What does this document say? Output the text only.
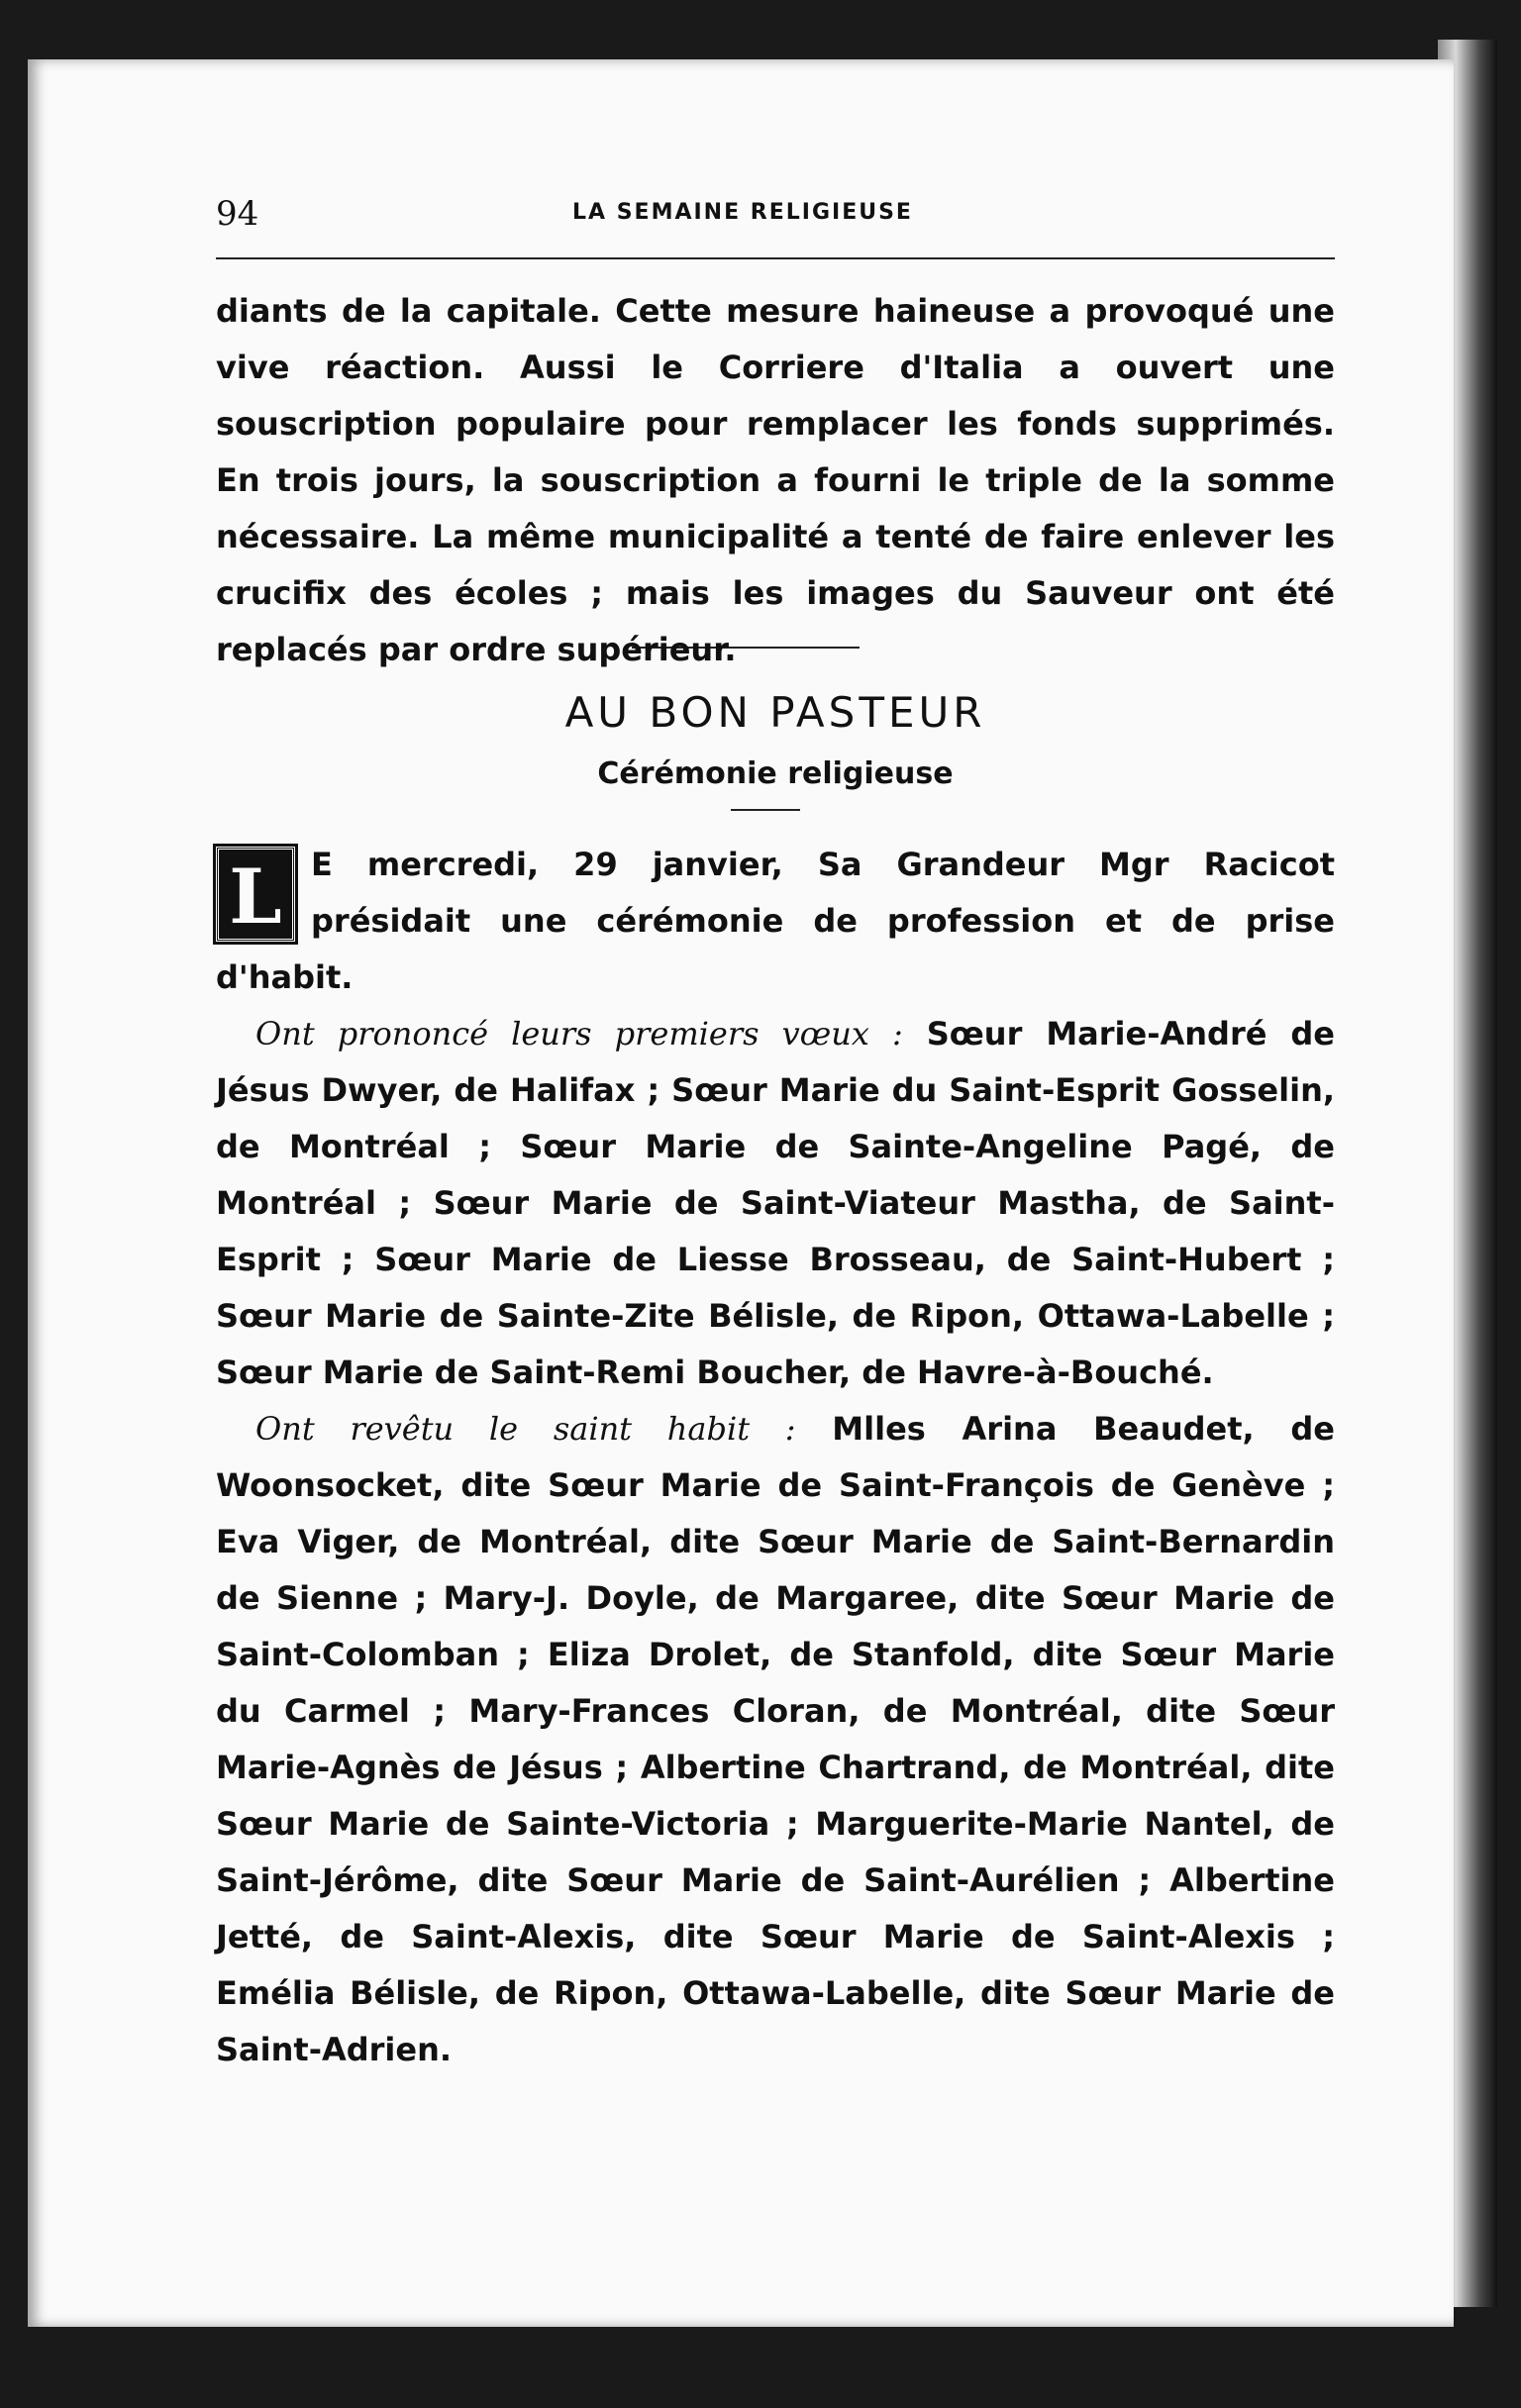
94	LA SEMAINE RELIGIEUSE

diants de la capitale. Cette mesure haineuse a provoqué une vive réaction. Aussi le Corriere d'Italia a ouvert une souscription populaire pour remplacer les fonds supprimés. En trois jours, la souscription a fourni le triple de la somme nécessaire. La même municipalité a tenté de faire enlever les crucifix des écoles ; mais les images du Sauveur ont été replacés par ordre supérieur.

AU BON PASTEUR
Cérémonie religieuse
L E mercredi, 29 janvier, Sa Grandeur Mgr Racicot présidait une cérémonie de profession et de prise d'habit.

Ont prononcé leurs premiers vœux : Sœur Marie-André de Jésus Dwyer, de Halifax ; Sœur Marie du Saint-Esprit Gosselin, de Montréal ; Sœur Marie de Sainte-Angeline Pagé, de Montréal ; Sœur Marie de Saint-Viateur Mastha, de Saint-Esprit ; Sœur Marie de Liesse Brosseau, de Saint-Hubert ; Sœur Marie de Sainte-Zite Bélisle, de Ripon, Ottawa-Labelle ; Sœur Marie de Saint-Remi Boucher, de Havre-à-Bouché.

Ont revêtu le saint habit : Mlles Arina Beaudet, de Woonsocket, dite Sœur Marie de Saint-François de Genève ; Eva Viger, de Montréal, dite Sœur Marie de Saint-Bernardin de Sienne ; Mary-J. Doyle, de Margaree, dite Sœur Marie de Saint-Colomban ; Eliza Drolet, de Stanfold, dite Sœur Marie du Carmel ; Mary-Frances Cloran, de Montréal, dite Sœur Marie-Agnès de Jésus ; Albertine Chartrand, de Montréal, dite Sœur Marie de Sainte-Victoria ; Marguerite-Marie Nantel, de Saint-Jérôme, dite Sœur Marie de Saint-Aurélien ; Albertine Jetté, de Saint-Alexis, dite Sœur Marie de Saint-Alexis ; Emélia Bélisle, de Ripon, Ottawa-Labelle, dite Sœur Marie de Saint-Adrien.
